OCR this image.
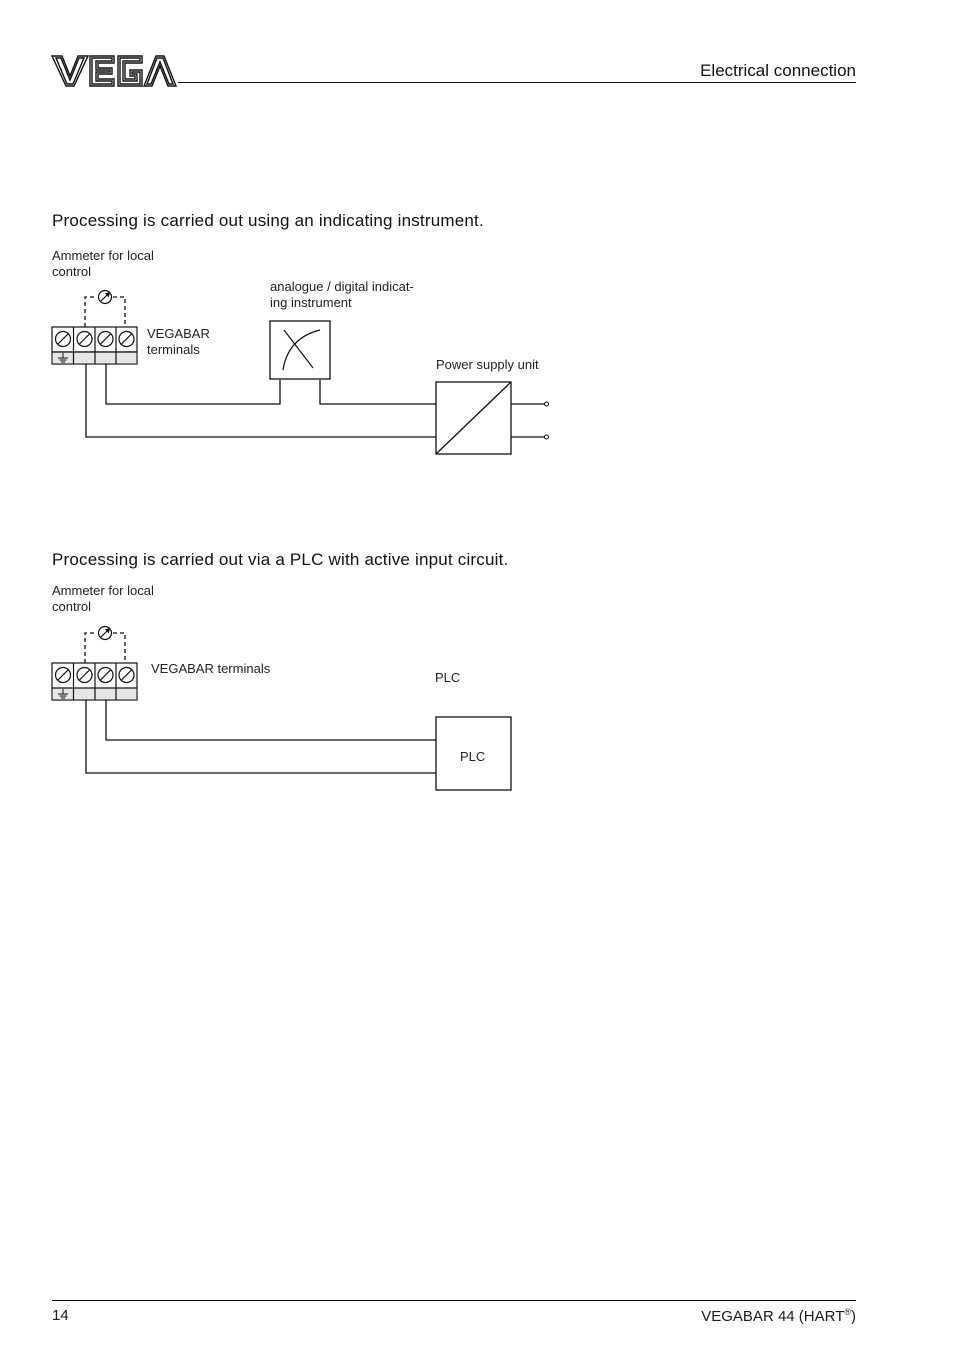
Electrical connection
Processing is carried out using an indicating instrument.
Ammeter for local
control
VEGABAR
terminals
analogue / digital indicat-
ing instrument
Power supply unit
Processing is carried out via a PLC with active input circuit.
Ammeter for local
control
VEGABAR terminals
PLC
PLC
14	VEGABAR 44 (HART®)
